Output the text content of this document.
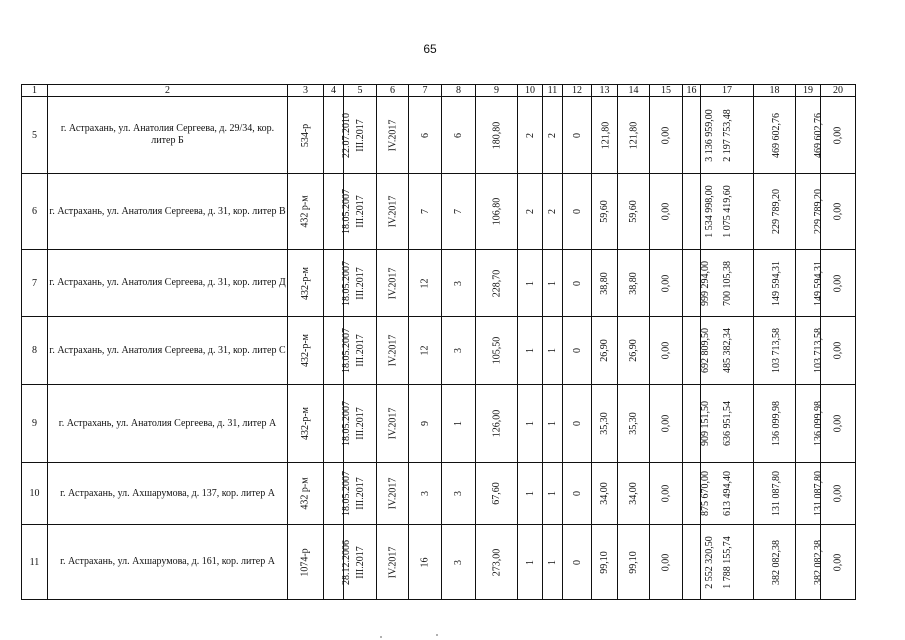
65
1	2	3	4	5	6	7	8	9	10	11	12	13	14	15	16	17	18	19	20
5	г. Астрахань, ул. Анатолия Сергеева, д. 29/34, кор. литер Б	534-р	22.07.2010	III.2017	IV.2017	6	6	180,80	2	2	0	121,80	121,80	0,00	3 136 959,00	2 197 753,48	469 602,76	469 602,76	0,00
6	г. Астрахань, ул. Анатолия Сергеева, д. 31, кор. литер В	432 р-м	18.05.2007	III.2017	IV.2017	7	7	106,80	2	2	0	59,60	59,60	0,00	1 534 998,00	1 075 419,60	229 789,20	229 789,20	0,00
7	г. Астрахань, ул. Анатолия Сергеева, д. 31, кор. литер Д	432-р-м	18.05.2007	III.2017	IV.2017	12	3	228,70	1	1	0	38,80	38,80	0,00	999 294,00	700 105,38	149 594,31	149 594,31	0,00
8	г. Астрахань, ул. Анатолия Сергеева, д. 31, кор. литер С	432-р-м	18.05.2007	III.2017	IV.2017	12	3	105,50	1	1	0	26,90	26,90	0,00	692 809,50	485 382,34	103 713,58	103 713,58	0,00
9	г. Астрахань, ул. Анатолия Сергеева, д. 31, литер А	432-р-м	18.05.2007	III.2017	IV.2017	9	1	126,00	1	1	0	35,30	35,30	0,00	909 151,50	636 951,54	136 099,98	136 099,98	0,00
10	г. Астрахань, ул. Ахшарумова, д. 137, кор. литер А	432 р-м	18.05.2007	III.2017	IV.2017	3	3	67,60	1	1	0	34,00	34,00	0,00	875 670,00	613 494,40	131 087,80	131 087,80	0,00
11	г. Астрахань, ул. Ахшарумова, д. 161, кор. литер А	1074-р	28.12.2006	III.2017	IV.2017	16	3	273,00	1	1	0	99,10	99,10	0,00	2 552 320,50	1 788 155,74	382 082,38	382 082,38	0,00
